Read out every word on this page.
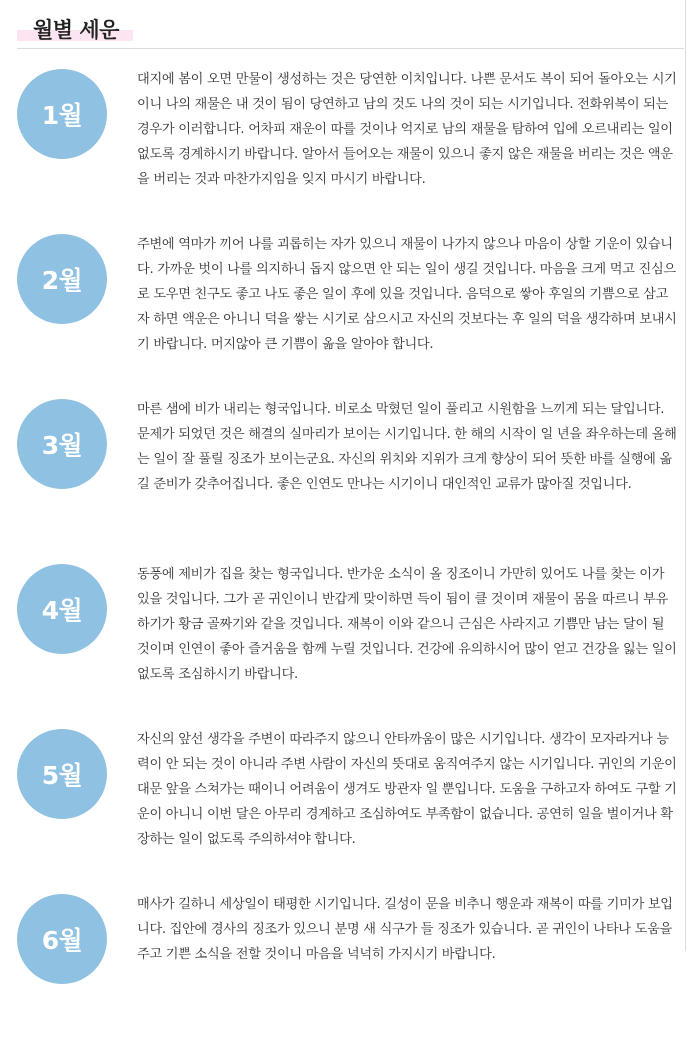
월별 세운
1월

대지에 봄이 오면 만물이 생성하는 것은 당연한 이치입니다. 나쁜 문서도 복이 되어 돌아오는 시기이니 나의 재물은 내 것이 됨이 당연하고 남의 것도 나의 것이 되는 시기입니다. 전화위복이 되는 경우가 이러합니다. 어차피 재운이 따를 것이나 억지로 남의 재물을 탐하여 입에 오르내리는 일이 없도록 경계하시기 바랍니다. 알아서 들어오는 재물이 있으니 좋지 않은 재물을 버리는 것은 액운을 버리는 것과 마찬가지임을 잊지 마시기 바랍니다.

2월

주변에 역마가 끼어 나를 괴롭히는 자가 있으니 재물이 나가지 않으나 마음이 상할 기운이 있습니다. 가까운 벗이 나를 의지하니 돕지 않으면 안 되는 일이 생길 것입니다. 마음을 크게 먹고 진심으로 도우면 친구도 좋고 나도 좋은 일이 후에 있을 것입니다. 음덕으로 쌓아 후일의 기쁨으로 삼고자 하면 액운은 아니니 덕을 쌓는 시기로 삼으시고 자신의 것보다는 후 일의 덕을 생각하며 보내시기 바랍니다. 머지않아 큰 기쁨이 옮을 알아야 합니다.

3월

마른 샘에 비가 내리는 형국입니다. 비로소 막혔던 일이 풀리고 시원함을 느끼게 되는 달입니다. 문제가 되었던 것은 해결의 실마리가 보이는 시기입니다. 한 해의 시작이 일 년을 좌우하는데 올해는 일이 잘 풀릴 징조가 보이는군요. 자신의 위치와 지위가 크게 향상이 되어 뜻한 바를 실행에 옮길 준비가 갖추어집니다. 좋은 인연도 만나는 시기이니 대인적인 교류가 많아질 것입니다.

4월

동풍에 제비가 집을 찾는 형국입니다. 반가운 소식이 올 징조이니 가만히 있어도 나를 찾는 이가 있을 것입니다. 그가 곧 귀인이니 반갑게 맞이하면 득이 됨이 클 것이며 재물이 몸을 따르니 부유하기가 황금 골짜기와 같을 것입니다. 재복이 이와 같으니 근심은 사라지고 기쁨만 남는 달이 될 것이며 인연이 좋아 즐거움을 함께 누릴 것입니다. 건강에 유의하시어 많이 얻고 건강을 잃는 일이 없도록 조심하시기 바랍니다.

5월

자신의 앞선 생각을 주변이 따라주지 않으니 안타까움이 많은 시기입니다. 생각이 모자라거나 능력이 안 되는 것이 아니라 주변 사람이 자신의 뜻대로 움직여주지 않는 시기입니다. 귀인의 기운이 대문 앞을 스쳐가는 때이니 어려움이 생겨도 방관자 일 뿐입니다. 도움을 구하고자 하여도 구할 기운이 아니니 이번 달은 아무리 경계하고 조심하여도 부족함이 없습니다. 공연히 일을 벌이거나 확장하는 일이 없도록 주의하셔야 합니다.

6월

매사가 길하니 세상일이 태평한 시기입니다. 길성이 문을 비추니 행운과 재복이 따를 기미가 보입니다. 집안에 경사의 징조가 있으니 분명 새 식구가 들 징조가 있습니다. 곧 귀인이 나타나 도움을 주고 기쁜 소식을 전할 것이니 마음을 넉넉히 가지시기 바랍니다.
